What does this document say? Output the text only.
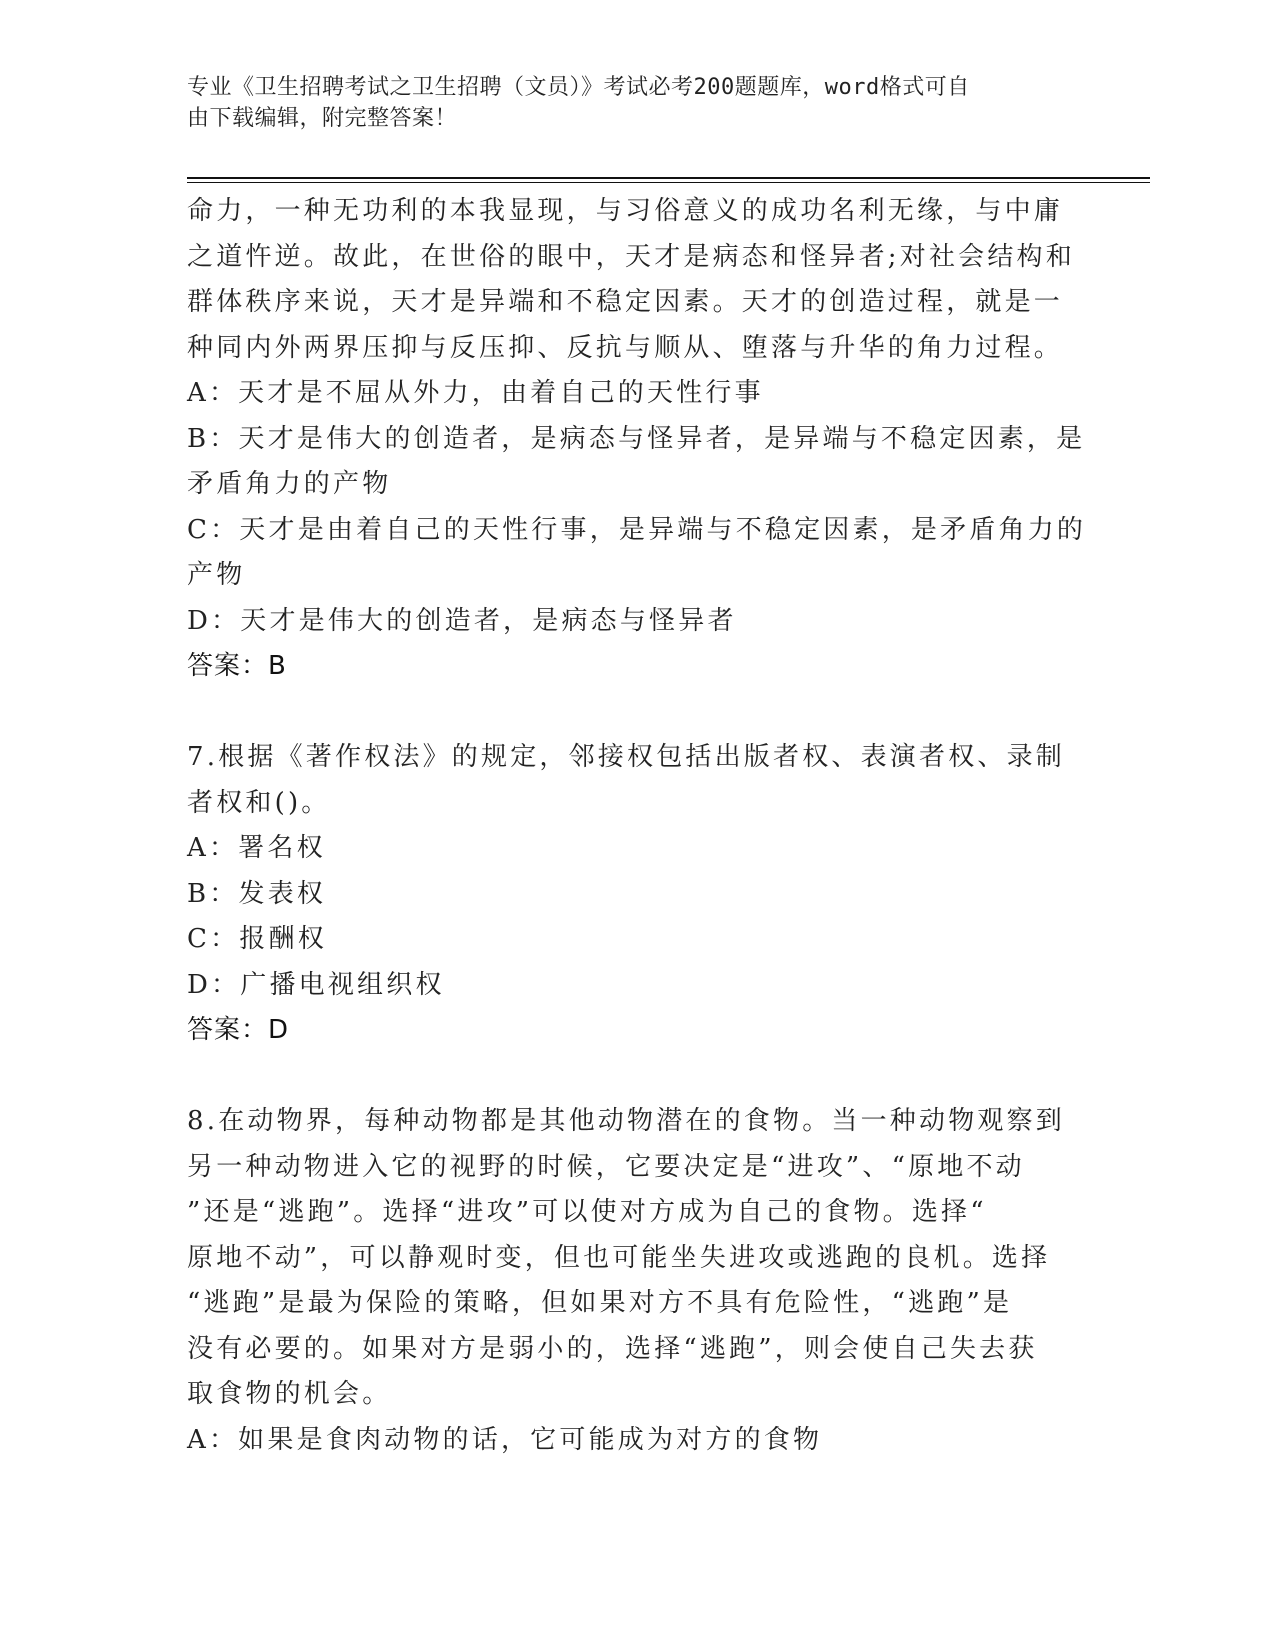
专业《卫生招聘考试之卫生招聘（文员）》考试必考200题题库，word格式可自
由下载编辑，附完整答案！
命力，一种无功利的本我显现，与习俗意义的成功名利无缘，与中庸
之道忤逆。故此，在世俗的眼中，天才是病态和怪异者;对社会结构和
群体秩序来说，天才是异端和不稳定因素。天才的创造过程，就是一
种同内外两界压抑与反压抑、反抗与顺从、堕落与升华的角力过程。
A：天才是不屈从外力，由着自己的天性行事
B：天才是伟大的创造者，是病态与怪异者，是异端与不稳定因素，是
矛盾角力的产物
C：天才是由着自己的天性行事，是异端与不稳定因素，是矛盾角力的
产物
D：天才是伟大的创造者，是病态与怪异者
答案：B
7.根据《著作权法》的规定，邻接权包括出版者权、表演者权、录制
者权和()。
A：署名权
B：发表权
C：报酬权
D：广播电视组织权
答案：D
8.在动物界，每种动物都是其他动物潜在的食物。当一种动物观察到
另一种动物进入它的视野的时候，它要决定是“进攻”、“原地不动
”还是“逃跑”。选择“进攻”可以使对方成为自己的食物。选择“
原地不动”，可以静观时变，但也可能坐失进攻或逃跑的良机。选择
“逃跑”是最为保险的策略，但如果对方不具有危险性，“逃跑”是
没有必要的。如果对方是弱小的，选择“逃跑”，则会使自己失去获
取食物的机会。
A：如果是食肉动物的话，它可能成为对方的食物
